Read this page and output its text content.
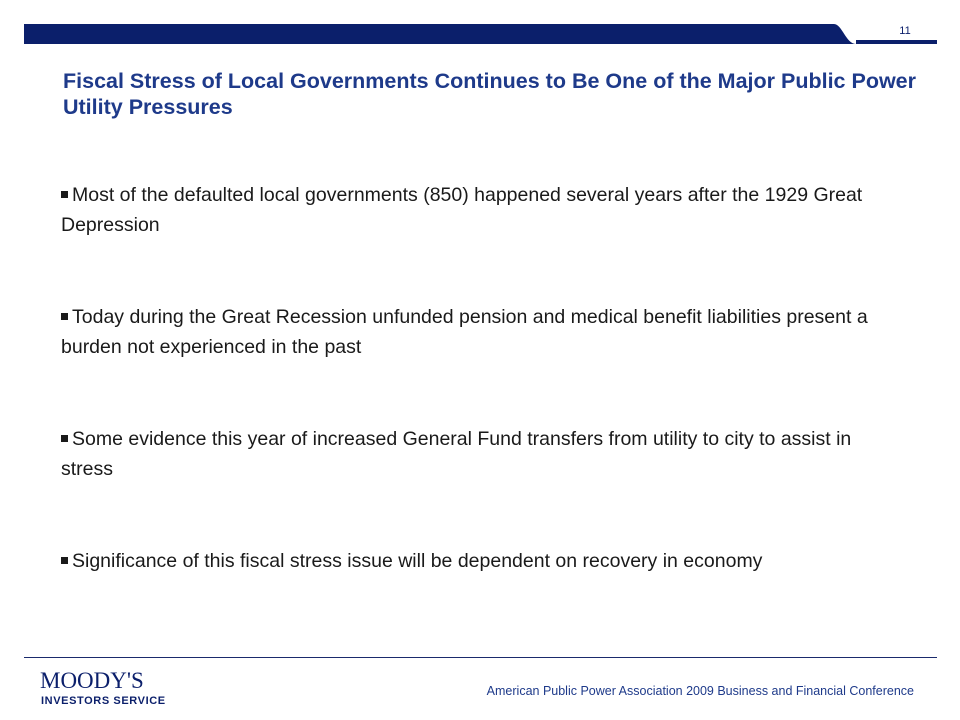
11
Fiscal Stress of Local Governments Continues to Be One of the Major Public Power Utility Pressures
Most of the defaulted local governments (850) happened several years after the 1929 Great Depression
Today during the Great Recession unfunded pension and medical benefit liabilities present a burden not experienced in the past
Some evidence this year of increased General Fund transfers from utility to city to assist in stress
Significance of this fiscal stress issue will be dependent on recovery in economy
MOODY'S
INVESTORS SERVICE
American Public Power Association 2009 Business and Financial Conference
